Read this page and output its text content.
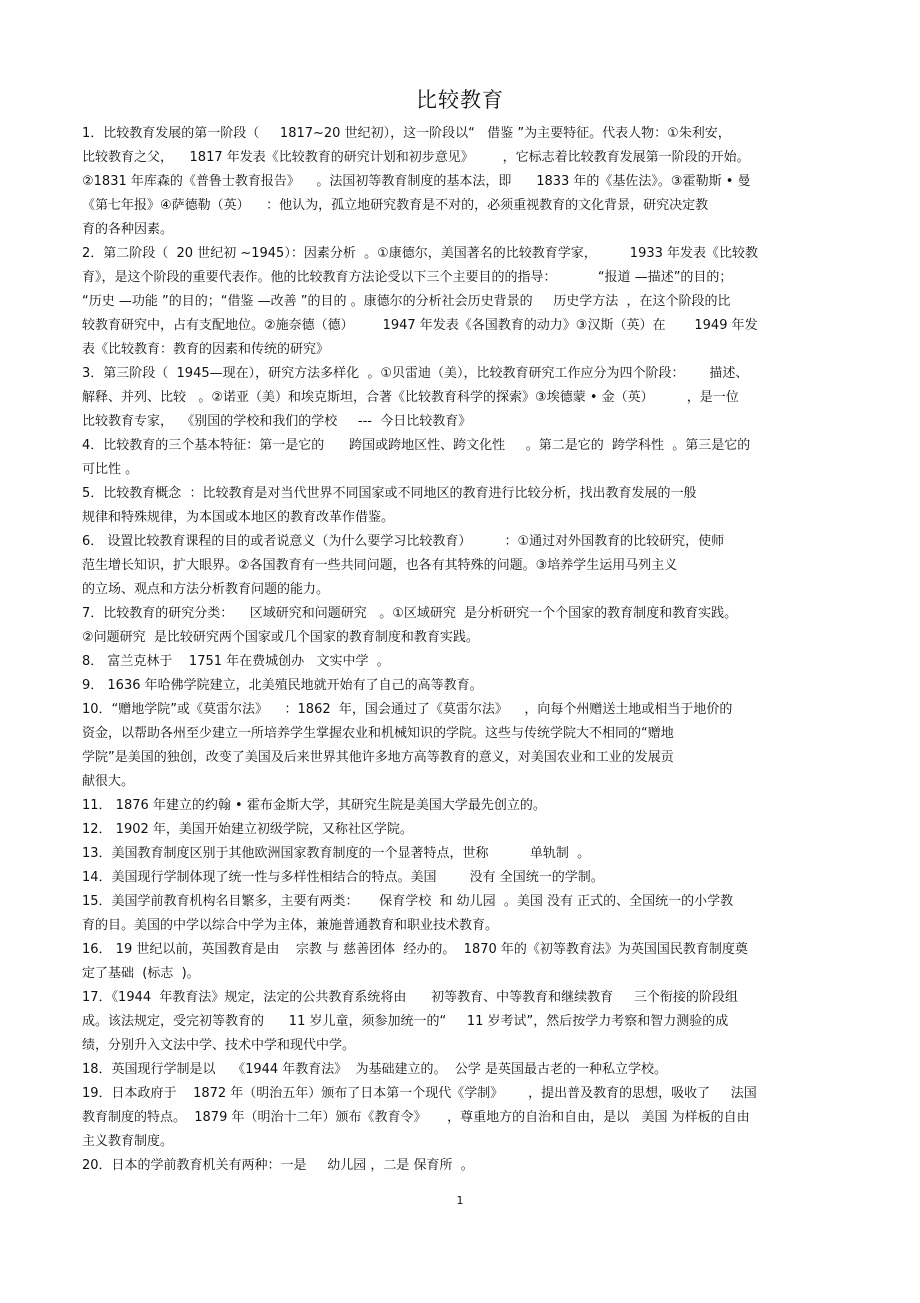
比较教育
1．比较教育发展的第一阶段（     1817~20 世纪初），这一阶段以“   借鉴 ”为主要特征。代表人物：①朱利安，
比较教育之父，    1817 年发表《比较教育的研究计划和初步意见》       ，它标志着比较教育发展第一阶段的开始。
②1831 年库森的《普鲁士教育报告》    。法国初等教育制度的基本法，即      1833 年的《基佐法》。③霍勒斯 • 曼
《第七年报》④萨德勒（英）    ：他认为，孤立地研究教育是不对的，必须重视教育的文化背景，研究决定教
育的各种因素。
2．第二阶段（  20 世纪初 ~1945）：因素分析  。①康德尔，美国著名的比较教育学家，        1933 年发表《比较教
育》，是这个阶段的重要代表作。他的比较教育方法论受以下三个主要目的的指导：          “报道 —描述”的目的；
“历史 —功能 ”的目的；“借鉴 —改善 ”的目的 。康德尔的分析社会历史背景的     历史学方法  ，在这个阶段的比
较教育研究中，占有支配地位。②施奈德（德）       1947 年发表《各国教育的动力》③汉斯（英）在       1949 年发
表《比较教育：教育的因素和传统的研究》
3．第三阶段（  1945—现在），研究方法多样化  。①贝雷迪（美），比较教育研究工作应分为四个阶段：      描述、
解释、并列、比较   。②诺亚（美）和埃克斯坦，合著《比较教育科学的探索》③埃德蒙 • 金（英）        ，是一位
比较教育专家，  《别国的学校和我们的学校     ---  今日比较教育》
4．比较教育的三个基本特征：第一是它的      跨国或跨地区性、跨文化性     。第二是它的  跨学科性  。第三是它的
可比性 。
5．比较教育概念  ：比较教育是对当代世界不同国家或不同地区的教育进行比较分析，找出教育发展的一般
规律和特殊规律，为本国或本地区的教育改革作借鉴。
6． 设置比较教育课程的目的或者说意义（为什么要学习比较教育）        ：①通过对外国教育的比较研究，使师
范生增长知识，扩大眼界。②各国教育有一些共同问题，也各有其特殊的问题。③培养学生运用马列主义
的立场、观点和方法分析教育问题的能力。
7．比较教育的研究分类：    区域研究和问题研究   。①区域研究  是分析研究一个个国家的教育制度和教育实践。
②问题研究  是比较研究两个国家或几个国家的教育制度和教育实践。
8． 富兰克林于    1751 年在费城创办   文实中学  。
9． 1636 年哈佛学院建立，北美殖民地就开始有了自己的高等教育。
10．“赠地学院”或《莫雷尔法》    ：1862  年，国会通过了《莫雷尔法》    ，向每个州赠送土地或相当于地价的
资金，以帮助各州至少建立一所培养学生掌握农业和机械知识的学院。这些与传统学院大不相同的“赠地
学院”是美国的独创，改变了美国及后来世界其他许多地方高等教育的意义，对美国农业和工业的发展贡
献很大。
11． 1876 年建立的约翰 • 霍布金斯大学，其研究生院是美国大学最先创立的。
12． 1902 年，美国开始建立初级学院，又称社区学院。
13．美国教育制度区别于其他欧洲国家教育制度的一个显著特点，世称          单轨制  。
14．美国现行学制体现了统一性与多样性相结合的特点。美国        没有 全国统一的学制。
15．美国学前教育机构名目繁多，主要有两类：     保育学校  和 幼儿园  。美国 没有 正式的、全国统一的小学教
育的目。美国的中学以综合中学为主体，兼施普通教育和职业技术教育。
16． 19 世纪以前，英国教育是由    宗教 与 慈善团体  经办的。  1870 年的《初等教育法》为英国国民教育制度奠
定了基础  (标志  )。
17．《1944  年教育法》规定，法定的公共教育系统将由      初等教育、中等教育和继续教育     三个衔接的阶段组
成。该法规定，受完初等教育的      11 岁儿童，须参加统一的“     11 岁考试”，然后按学力考察和智力测验的成
绩，分别升入文法中学、技术中学和现代中学。
18．英国现行学制是以    《1944 年教育法》  为基础建立的。  公学 是英国最古老的一种私立学校。
19．日本政府于    1872 年（明治五年）颁布了日本第一个现代《学制》      ，提出普及教育的思想，吸收了     法国
教育制度的特点。  1879 年（明治十二年）颁布《教育令》     ，尊重地方的自治和自由，是以   美国 为样板的自由
主义教育制度。
20．日本的学前教育机关有两种：一是     幼儿园 ，二是 保育所  。
1
